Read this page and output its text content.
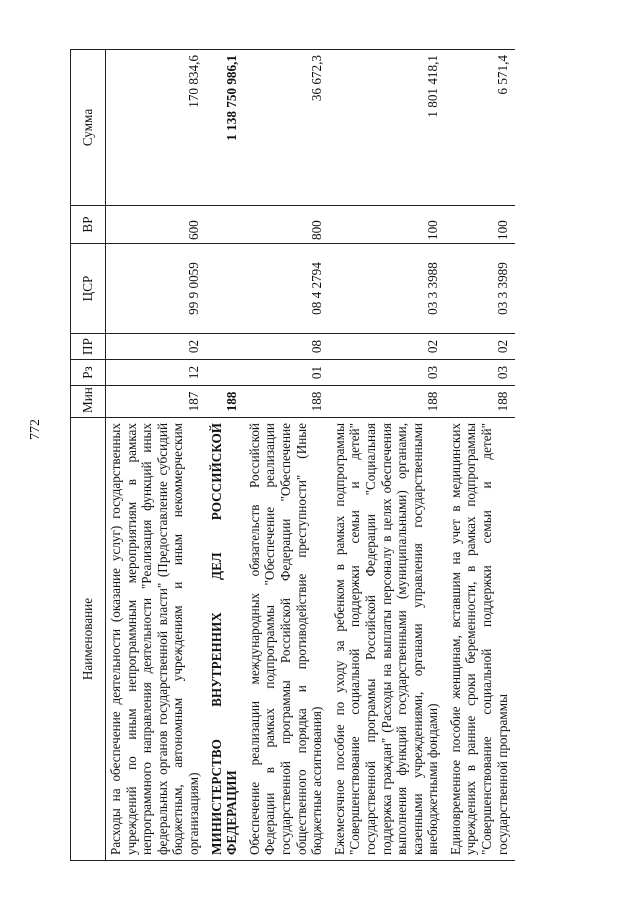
772
Наименование	Мин	Рз	ПР	ЦСР	ВР	Сумма
Расходы на обеспечение деятельности (оказание услуг) государственных учреждений по иным непрограммным мероприятиям в рамках непрограммного направления деятельности "Реализация функций иных федеральных органов государственной власти" (Предоставление субсидий бюджетным, автономным учреждениям и иным некоммерческим организациям)	187	12	02	99 9 0059	600	170 834,6
МИНИСТЕРСТВО ВНУТРЕННИХ ДЕЛ РОССИЙСКОЙ ФЕДЕРАЦИИ	188					1 138 750 986,1
Обеспечение реализации международных обязательств Российской Федерации в рамках подпрограммы "Обеспечение реализации государственной программы Российской Федерации "Обеспечение общественного порядка и противодействие преступности" (Иные бюджетные ассигнования)	188	01	08	08 4 2794	800	36 672,3
Ежемесячное пособие по уходу за ребенком в рамках подпрограммы "Совершенствование социальной поддержки семьи и детей" государственной программы Российской Федерации "Социальная поддержка граждан" (Расходы на выплаты персоналу в целях обеспечения выполнения функций государственными (муниципальными) органами, казенными учреждениями, органами управления государственными внебюджетными фондами)	188	03	02	03 3 3988	100	1 801 418,1
Единовременное пособие женщинам, вставшим на учет в медицинских учреждениях в ранние сроки беременности, в рамках подпрограммы "Совершенствование социальной поддержки семьи и детей" государственной программы	188	03	02	03 3 3989	100	6 571,4
